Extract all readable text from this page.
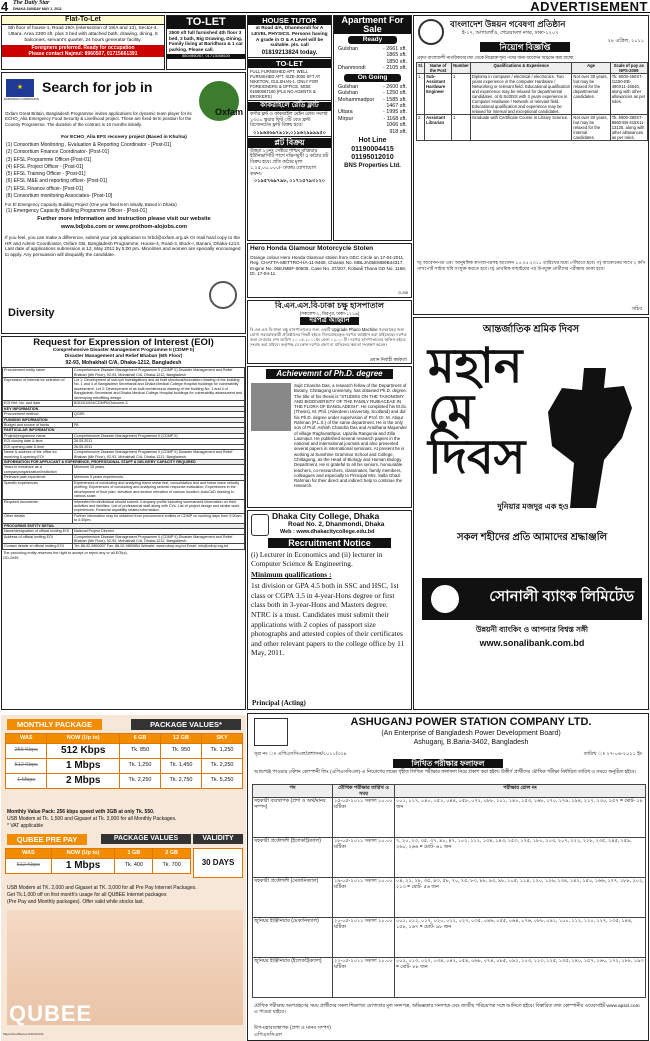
4 The Daily Star
DHAKA SUNDAY MAY 1, 2011	ADVERTISEMENT
Flat-To-Let
5th floor of house-1, Road 19/A (intersection of 19/A and 13), Sector-4, Uttara. Area 2300 sft. plus 3 bed with attached bath, drawing, dining, 6 balconies, servant's quarter, 24 hours generator facility.
Foreigners preferred. Ready for occupation
Please contact Najmul: 8960507, 01715661391
TO-LET
2500 sft full furnished 4th floor 3 bed, 3 bath, Big Drawing, Dining, Family living at Baridhara & 1 car parking. Please call.
8804960/67, 01713008620
HOUSE TUTOR
at Road 4/A, Dhanmondi for A LEVEL PHYSICS. Persons having A grade in O & A Level will be suitable. pls. call
01819213824 today.
TO-LET
FULL FURNISHED APT. WELL FURNISHED APT. SIZE-3000 SFT AT NIKETON, GULSHAN-1. ONLY FOR FOREIGNERS & OFFICE. MOB: 01680067160 (PLS NO AGENTS & BROKERS)
কাকরাইলে রেডি ফ্লাট
কর্ণার ফ্লট ও কাকরাইল মেইন রোড সংলগ্ন ১৩০০ স্কয়ার ফিট ৩টি বেড ফ্রন্ট রিজেনটেড ফ্লাট বিক্রয় হবে।
০১৯৬৪৬৯৭৯১৮,০১৯৬২৯৯৯৯৫০
প্লট বিক্রয়
উত্তরা ১৩নং সেক্টরে পশ্চিম মাত্রিয়ার ইউনিভার্সিটি পাশে দক্ষিণমুখী ৫ কাঠার প্লট বিক্রয় হবে। প্রতি কাঠার মূল্য ১,২৫,০০,০০০/- ঢাকায় যোগাযোগ করুন।
০১৯৫৭৬৯৭৯৮, ০১৭১৫৭৯৩১২০
Apartment For Sale
Ready
Gulshan	- 2661 sft.
1865 sft.
1850 sft.
Dhanmondi	- 2105 sft.
On Going
Gulshan	- 2600 sft.
Gulshan	- 1250 sft.
Mohammadpur - 1585 sft.
1467 sft.
Uttara	- 1995 sft.
Mirpur	- 1168 sft.
1066 sft.
918 sft.
Hot Line
01190004415
01195012010
BNS Properties Ltd.
★
EUROPEAN COMMISSION
Search for job in
Oxfam
Oxfam Great Britain, Bangladesh Programme invites applications for dynamic team player for its ECHO_Alia Emergency Food Security & Livelihood project. These are fixed term position for the Country Programme. The duration of the contract is 10 months initially.
For ECHO_Alia EFS recovery project (Based in Khulna)
(1) Consortium Monitoring , Evaluation & Reporting Coordinator - [Post-01]
(2) Consortium Finance Coordinator- [Post-01]
(3) EFSL Programme Officer-[Post-01]
(4) EFSL Project Officer - [Post-01]
(5) EFSL Training Officer - [Post-01]
(6) EFSL M&E and reporting officer- [Post-01]
(7) EFSL Finance officer- [Post-01]
(8) Consortium monitoring Associates- [Post-10]
For El Emergency Capacity Building Project (One year fixed term initially, Based in Dhaka)
(1) Emergency Capacity Building Programme Officer - [Post-01]
Further more information and instruction please visit our website
www.bdjobs.com or www.prothom-alojobs.com
If you feel, you can make a difference, submit your job application to hrbd@oxfam.org.uk Or mail hard copy to the HR and Admin Coordinator, Oxfam GB, Bangladesh Programme, House-4, Road-3, Block-I, Banani, Dhaka-1213. Last date of applications submission is 12, May 2011 by 5:00 pm. Minorities and women are specially encouraged to apply. Any persuasion will disqualify the candidate.
Diversity
Hero Honda Glamour Motorcycle Stolen
Orange colour Hero Honda Glamour stolen from GEC Circle on 17-04-2011. Reg. CHATTA-METTRO-HA-11-8469, Chassis No. MBLJA05EMB9B44317, Engine No. 05EJMBF-00505. Case No. 37/207, Kotwali Thana GD No. 1168, Dt. 17-04-11.
D-208
বি.এন.এস.বি-ঢাকা চক্ষু হাসপাতাল
(সকলেশ-১, মিরপুর, ঢাকা-১২১৬)
দরপত্র আহ্বান
বি.এন.এস.বি-ঢাকা চক্ষু হাসপাতালের জন্য একটি Upgrade Phaco Machine সরবরাহের জন্য যোগ্য সরবরাহকারী প্রতিষ্ঠানের নিকট হইতে সিলমোহরকৃত দরপত্র আহ্বান করা যাইতেছে। দরপত্র জমা দেওয়ার শেষ তারিখ ১০.০৫.২০১১ইং বেলা ১২.০০ টা। দরপত্র হাসপাতালের অফিস হইতে সংগ্রহ করা যাইবে। কর্তৃপক্ষ যে কোন দরপত্র গ্রহণ বা বাতিলের ক্ষমতা সংরক্ষণ করেন।
প্রধান নির্বাহী কর্মকর্তা
Request for Expression of Interest (EOI)
Comprehensive Disaster Management Programme II (CDMP II)
Disaster Management and Relief Bhaban (6th Floor)
92-93, Mohakhali C/A, Dhaka-1212, Bangladesh
Procurement entity name	Comprehensive Disaster Management Programme II (CDMP II) Disaster Management and Relief Bhaban (6th Floor), 92-93, Mohakhali C/A, Dhaka-1212, Bangladesh
Expression of interest for selection of	Lot 1: Development of sub-soil investigations and as built structural/foundation drawing of the building No. 1 and 4 of Bangladesh Secretariat and Dhaka Medical College Hospital buildings for vulnerability assessment. Lot 2: Development of as built architectural drawing of the building No. 1 and 4 of Bangladesh Secretariat and Dhaka Medical College Hospital buildings for vulnerability assessment and developing retrofitting design.
EOI Ref. No. and date	BGD/01/004/CDMPII/Outcome-3
KEY INFORMATION	
Procurement method	QCBS
FUNDING INFORMATION	
Budget and source of funds	PA
PARTICULAR INFORMATION	
Project/programme name	Comprehensive Disaster Management Programme II (CDMP II)
EOI closing date & time	26.05.2011
EOI opening date & time	26.05.2011
Name & address of the office for receiving & opening EOI	Comprehensive Disaster Management Programme II (CDMP II) Disaster Management and Relief Bhaban (6th Floor), 92-93, Mohakhali C/A, Dhaka-1212, Bangladesh.
INFORMATION FOR APPLICANT & EXPERIENCE, PROFESSIONAL STAFF & DELIVERY CAPACITY REQUIRED	
Years in existence as a company/organization/institution	Minimum 15 years.
Relevant past experience	Minimum 5 years experiences.
Specific experiences	Experiences of conducting and analyzing direct shear test, consolidation test and shear wave velocity profiling; Experiences of conducting and analyzing seismic response evaluation; Experiences in the development of floor plan, elevation and section elevation of various location; AutoCAD drawing in various scale.
Required documents	Interested firm/individual should submit: Company profile including summarized information on their activities and facilities. List of professional staff along with CVs. List of project design and similar work experiences. Financial capability related information.
Other details	Further information may be obtained from procurement entities of CDMP on working days from 9:00am to 4:30pm.
PROCURING ENTITY DETAIL	
Name/designation of official inviting EOI	National Project Director
Address of official inviting EOI	Comprehensive Disaster Management Programme II (CDMP II) Disaster Management and Relief Bhaban (6th Floor), 92-93, Mohakhali C/A, Dhaka-1212, Bangladesh.
Contact details of official inviting EOI	Tel: 88-02-9890937 Fax: 88-02-9890854 Website: www.cdmp.org.bd Email: info@cdmp.org.bd
The procuring entity reserves the right to accept or reject any or all EOI(s).
GD-2049
Achievemnt of Ph.D. degree
Sujit Chandra Das, a research fellow of the Department of Botany, Chittagong University, has obtained Ph.D. degree. The title of his thesis is "STUDIES ON THE TAXONOMY AND BIODIVERSITY OF THE FAMILY RUBIACEAE IN THE FLORA OF BANGLADESH". He completed his M.Sc. (Thesis), M. Phil. (Aberdeen University, Scotland) and did his Ph.D. degree under supervision of Prof. Dr. M. Atiqur Rahman (P.L.S.) of the same department. He is the only son of Prof. Ashish Chandra Das and Aradhana Majumder of village Raghunathpur, Upazila Rangunia and Zilla Laxmipur. He published several research papers in the national and international journals and also presented several papers in international seminars. At present he is working at Sunshine Grammar School and College, Chittagong, as the Head of Biology and Human Biology Department. He is grateful to all his seniors, honourable teachers, co-researchers, classmates, family members, colleagues and especially to Principal Mrs. Salla Ghazi Rahman for their direct and indirect help to continue the research.
Dhaka City College, Dhaka
Road No. 2, Dhanmondi, Dhaka
Web : www.dhakacitycollege.edu.bd
Recruitment Notice
(i) Lecturer in Economics and (ii) lecturer in Computer Science & Engineering.
Minimum qualifications :
1st division or GPA 4.5 both in SSC and HSC, 1st class or CGPA 3.5 in 4-year-Hons degree or first class both in 3-year-Hons and Masters degree. NTRC is a must. Candidates must submit their applications with 2 copies of passport size photographs and attested copies of their certificates and other relevant papers to the college office by 11 May, 2011.
Principal (Acting)
বাংলাদেশ উন্নয়ন গবেষণা প্রতিষ্ঠান
ই-১৭, আগারগাঁও, শেরেবাংলা নগর, ঢাকা-১২০৭
২৮ এপ্রিল, ২০১১
নিয়োগ বিজ্ঞপ্তি
প্রকৃত বাংলাদেশী নাগরিকদের মধ্য থেকে নিম্নোক্ত শূন্য পদের জন্য আবেদন আহ্বান করা যাচ্ছে:
Sl.	Name of the Post	Number	Qualifications & Experience	Age	Scale of pay as NPS-2009
1.	Sub-Assistant Hardware Engineer	1	Diploma in computer / electrical / electronics. Two years experience in the computer Hardware / Networking or relevant field. Educational qualification and experience may be relaxed for departmental candidates. or B.Sc/BSS with 3 years experience in Computer Hardware / Network or relevant field. Educational qualification and experience may be relaxed for internal and exceptional candidates.	Not over 30 years, but may be relaxed for the departmental candidates.	Tk. 8000-450X7-11150-EB-490X11-16540, along with other allowances as per rules.
2.	Assistant Librarian	1	Graduate with Certificate Course in Library Science.	Not over 30 years, but may be relaxed for the internal candidates.	Tk. 5900-380X7-8560-EB-415X11-13125, along with other allowances as per rules.
খ) আবেদনপত্র এবং আনুষঙ্গিক কাগজপত্রসহ আবেদন ১৫.০৫.২০১১ তারিখের মধ্যে পৌঁছাতে হবে। গ) আবেদনের সাথে ২ কপি পাসপোর্ট সাইজ ছবি সংযুক্ত করতে হবে। ঘ) প্রাথমিক বাছাইয়ের পর উপযুক্ত প্রার্থীদের পরীক্ষায় ডাকা হবে।
সচিব
আন্তর্জাতিক শ্রমিক দিবস
মহান মে দিবস
দুনিয়ার মজদুর এক হও
সকল শহীদের প্রতি আমাদের শ্রদ্ধাঞ্জলি
সোনালী ব্যাংক লিমিটেড
উন্নয়নী ব্যাংকিং ও আপনার বিশ্বস্ত সঙ্গী
www.sonalibank.com.bd
MONTHLY PACKAGE	PACKAGE VALUES*
WAS	NOW (Up to)	6 GB	12 GB	SKY
256 Kbps	512 Kbps	Tk. 850	Tk. 950	Tk. 1,250
512 Kbps	1 Mbps	Tk. 1,250	Tk. 1,450	Tk. 2,250
1 Mbps	2 Mbps	Tk. 2,250	Tk. 2,750	Tk. 5,250
Monthly Value Pack: 256 kbps speed with 3GB at only Tk. 550.
USB Modem at Tk. 1,500 and Gigaset at Tk. 3,000 for all Monthly Packages.
* VAT applicable
QUBEE PRE PAY	PACKAGE VALUES	VALIDITY
WAS	NOW (Up to)	1 GB	2 GB
512 Kbps	1 Mbps	Tk. 400	Tk. 700	30 DAYS
USB Modem at TK. 2,000 and Gigaset at TK. 3,000 for all Pre Pay Internet Packages.
Get Tk.1,000 off on first month's usage for all QUBEE Internet packages
(Pre Pay and Monthly packages). Offer valid while stocks last.
QUBEE
Mayer/Sun/Banner/136/10/211
ASHUGANJ POWER STATION COMPANY LTD.
(An Enterprise of Bangladesh Power Development Board)
Ashuganj, B.Baria-3402, Bangladesh
সূত্র নং ঃ এপিএসসিএল/প্রশাসন/২০১১/৩১৮	তারিখ ঃ ২৭-০৪-২০১১ ইং
লিখিত পরীক্ষার ফলাফল
আশুগঞ্জ পাওয়ার স্টেশন কোম্পানী লিঃ (এপিএসসিএল)-এ নিয়োগের লক্ষ্যে গৃহীত লিখিত পরীক্ষার ফলাফল নিম্নে প্রকাশ করা হইল। উত্তীর্ণ প্রার্থীদের মৌখিক পরীক্ষা নির্ধারিত তারিখ ও সময়ে অনুষ্ঠিত হইবে।
পদ	মৌখিক পরীক্ষার তারিখ ও সময়	পরীক্ষার রোল নং
সহকারী ব্যবস্থাপক (প্রশা ও অর্থ/মানব সম্পদ)	১৫-০৫-২০১১ সকাল ১০.০০ ঘটিকা	০০১, ০১৭, ০৪০, ০৫২, ০৪৪, ০৫৮, ০৭২, ০৮৮, ১০১, ১৪০, ১৫৩, ১৬৮, ১৭০, ১৭৯, ১৯৪, ২১৭, ২৩০, ২৫৭ = মোট- ১৮ জন
সহকারী প্রকৌশলী (ইলেকট্রিক্যাল)	১৮-০৫-২০১১ সকাল ১০.০০ ঘটিকা	৭, ২০, ২৩, ৩৫, ৩৭, ৪০, ৪৭, ১০২, ১১২, ১৩৪, ১৪৩, ১৫৩, ১৭৫, ১৮০, ২০৩, ২০৭, ২২২, ২২৮, ২৩৫, ২৪৫, ২৫৯, ২৬০, ২৬৬ = মোট- ৬১ জন
সহকারী প্রকৌশলী (মেকানিক্যাল)	১৯-০৫-২০১১ সকাল ১০.০০ ঘটিকা	০৪, ২১, ২৮, ৩৫, ৪৩, ৫৮, ৭০, ৭৫, ৮৩, ৮৮, ৯৩, ৯৮, ১০৫, ১১৪, ১২০, ১২৬, ১৩৪, ১৪২, ১৫০, ১৬৬, ১৭৭, ১৮৮, ২০২, ২১৩ = মোট- ৫৬ জন
জুনিয়র ইঞ্জিনিয়ার (মেকানিক্যাল)	২০-০৫-২০১১ সকাল ১০.০০ ঘটিকা	০০১, ০১২, ০১৭, ০২০, ০২২, ০২৭, ০৩৫, ০৪৬, ০৫৫, ০৬৪, ০৭৬, ০৮৮, ০৯১, ১০০, ১১২, ১২০, ১২৭, ১৩৫, ১৪৪, ১৫৮, ১৬৭ = মোট- ৯৮ জন
জুনিয়র ইঞ্জিনিয়ার (ইলেকট্রিক্যাল)	২২-০৫-২০১১ সকাল ১০.০০ ঘটিকা	০০২, ০১৩, ০২৭, ০৩৪, ০৪২, ০৫৪, ০৬৮, ০৭৪, ০৮৫, ০৯২, ১০৩, ১১৩, ১২৫, ১৩৫, ১৪০, ১৫৭, ১৬০, ১৭২, ১৮৮, ১৯৩ = মোট- ৮৮ জন
মৌখিক পরীক্ষায় অংশগ্রহণের সময় প্রার্থীদের সকল শিক্ষাগত যোগ্যতার মূল সনদপত্র, অভিজ্ঞতার সনদপত্র এবং জাতীয় পরিচয়পত্র সঙ্গে আনিতে হইবে। বিস্তারিত তথ্য কোম্পানীর ওয়েবসাইট www.apscl.com এ পাওয়া যাইবে।
উপ-মহাব্যবস্থাপক (প্রশা ও মানব সম্পদ)
এপিএসসিএল
